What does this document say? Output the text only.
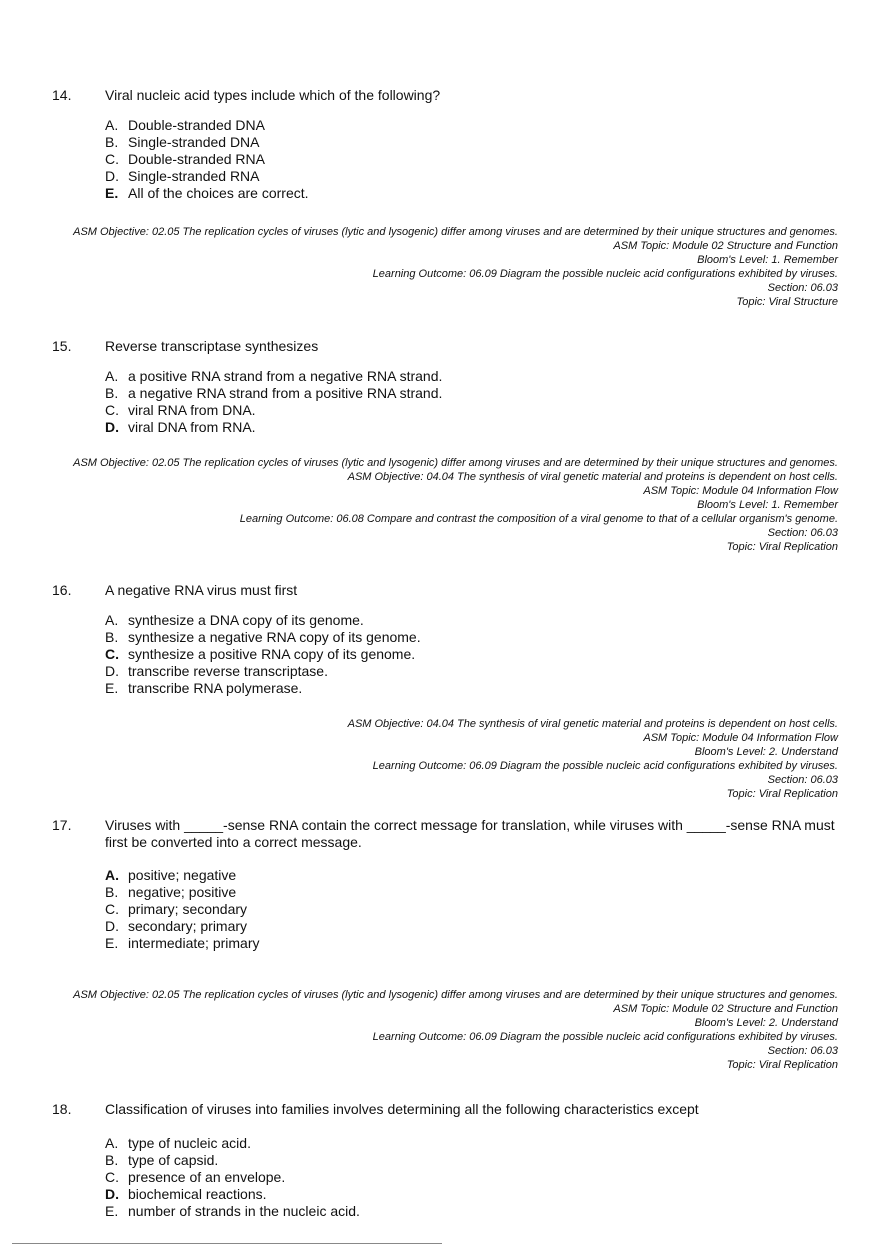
14.	Viral nucleic acid types include which of the following?
A. Double-stranded DNA
B. Single-stranded DNA
C. Double-stranded RNA
D. Single-stranded RNA
E. All of the choices are correct.
ASM Objective: 02.05 The replication cycles of viruses (lytic and lysogenic) differ among viruses and are determined by their unique structures and genomes.
ASM Topic: Module 02 Structure and Function
Bloom's Level: 1. Remember
Learning Outcome: 06.09 Diagram the possible nucleic acid configurations exhibited by viruses.
Section: 06.03
Topic: Viral Structure
15.	Reverse transcriptase synthesizes
A. a positive RNA strand from a negative RNA strand.
B. a negative RNA strand from a positive RNA strand.
C. viral RNA from DNA.
D. viral DNA from RNA.
ASM Objective: 02.05 The replication cycles of viruses (lytic and lysogenic) differ among viruses and are determined by their unique structures and genomes.
ASM Objective: 04.04 The synthesis of viral genetic material and proteins is dependent on host cells.
ASM Topic: Module 04 Information Flow
Bloom's Level: 1. Remember
Learning Outcome: 06.08 Compare and contrast the composition of a viral genome to that of a cellular organism's genome.
Section: 06.03
Topic: Viral Replication
16.	A negative RNA virus must first
A. synthesize a DNA copy of its genome.
B. synthesize a negative RNA copy of its genome.
C. synthesize a positive RNA copy of its genome.
D. transcribe reverse transcriptase.
E. transcribe RNA polymerase.
ASM Objective: 04.04 The synthesis of viral genetic material and proteins is dependent on host cells.
ASM Topic: Module 04 Information Flow
Bloom's Level: 2. Understand
Learning Outcome: 06.09 Diagram the possible nucleic acid configurations exhibited by viruses.
Section: 06.03
Topic: Viral Replication
17.	Viruses with _____-sense RNA contain the correct message for translation, while viruses with _____-sense RNA must first be converted into a correct message.
A. positive; negative
B. negative; positive
C. primary; secondary
D. secondary; primary
E. intermediate; primary
ASM Objective: 02.05 The replication cycles of viruses (lytic and lysogenic) differ among viruses and are determined by their unique structures and genomes.
ASM Topic: Module 02 Structure and Function
Bloom's Level: 2. Understand
Learning Outcome: 06.09 Diagram the possible nucleic acid configurations exhibited by viruses.
Section: 06.03
Topic: Viral Replication
18.	Classification of viruses into families involves determining all the following characteristics except
A. type of nucleic acid.
B. type of capsid.
C. presence of an envelope.
D. biochemical reactions.
E. number of strands in the nucleic acid.
